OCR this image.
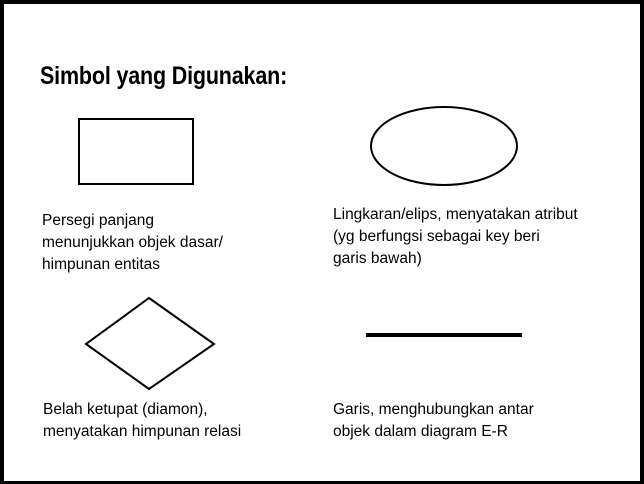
Simbol yang Digunakan:

Persegi panjang
menunjukkan objek dasar/
himpunan entitas

Lingkaran/elips, menyatakan atribut
(yg berfungsi sebagai key beri
garis bawah)

Belah ketupat (diamon),
menyatakan himpunan relasi

Garis, menghubungkan antar
objek dalam diagram E-R
